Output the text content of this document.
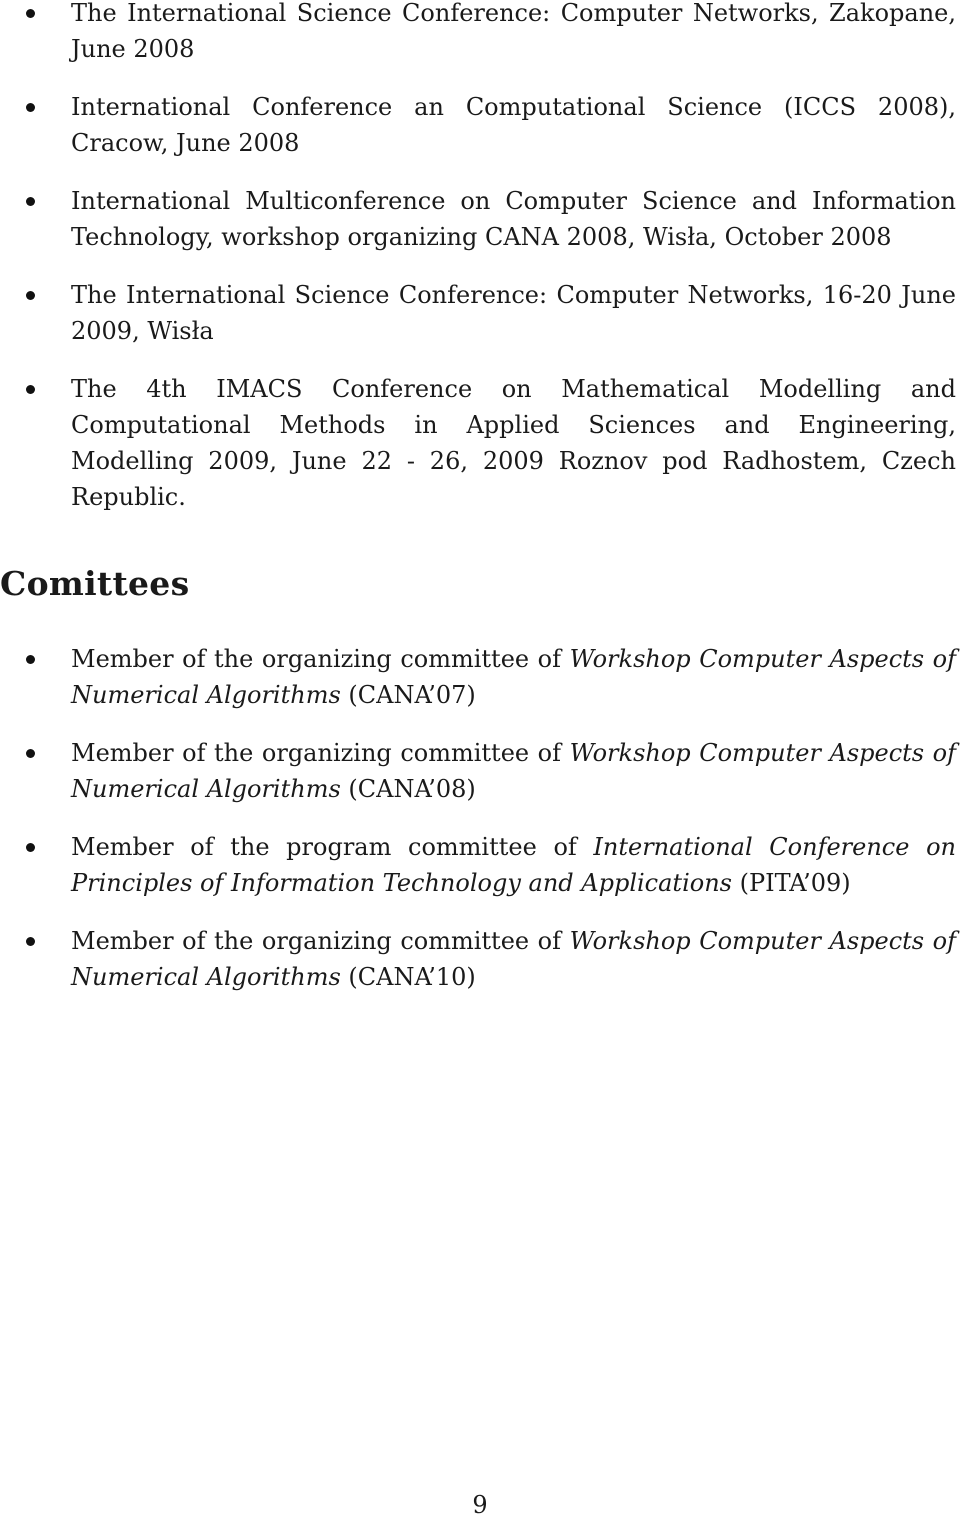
The International Science Conference: Computer Networks, Zakopane, June 2008
International Conference an Computational Science (ICCS 2008), Cracow, June 2008
International Multiconference on Computer Science and Information Technology, workshop organizing CANA 2008, Wisła, October 2008
The International Science Conference: Computer Networks, 16-20 June 2009, Wisła
The 4th IMACS Conference on Mathematical Modelling and Computational Methods in Applied Sciences and Engineering, Modelling 2009, June 22 - 26, 2009 Roznov pod Radhostem, Czech Republic.
Comittees
Member of the organizing committee of Workshop Computer Aspects of Numerical Algorithms (CANA’07)
Member of the organizing committee of Workshop Computer Aspects of Numerical Algorithms (CANA’08)
Member of the program committee of International Conference on Principles of Information Technology and Applications (PITA’09)
Member of the organizing committee of Workshop Computer Aspects of Numerical Algorithms (CANA’10)
9
